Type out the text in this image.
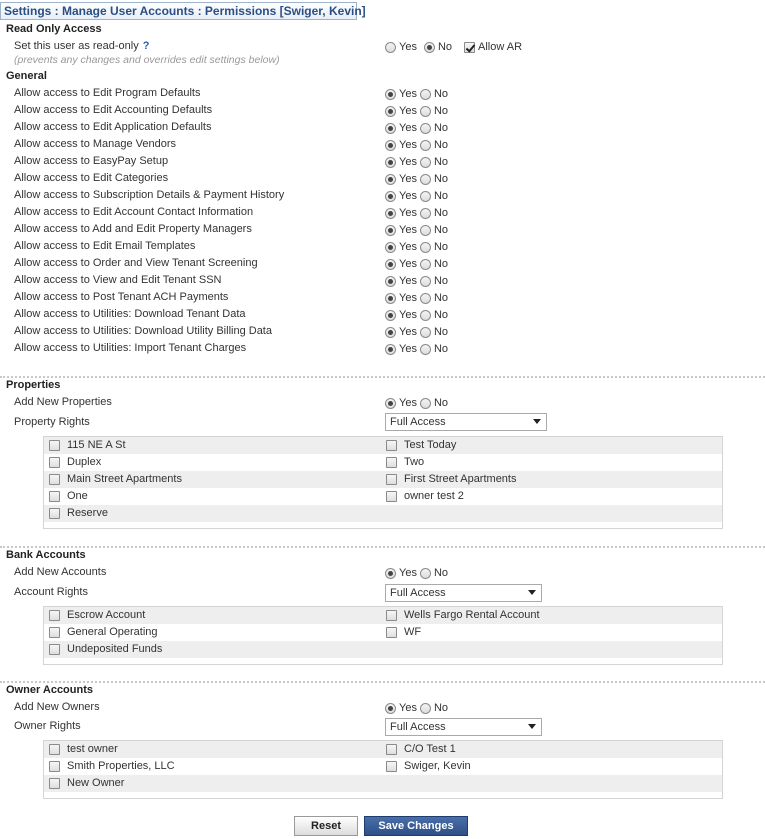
Settings : Manage User Accounts : Permissions [Swiger, Kevin]
Read Only Access
Set this user as read-only ?
(prevents any changes and overrides edit settings below)
Yes No Allow AR
General
Allow access to Edit Program Defaults	Yes No
Allow access to Edit Accounting Defaults	Yes No
Allow access to Edit Application Defaults	Yes No
Allow access to Manage Vendors	Yes No
Allow access to EasyPay Setup	Yes No
Allow access to Edit Categories	Yes No
Allow access to Subscription Details & Payment History	Yes No
Allow access to Edit Account Contact Information	Yes No
Allow access to Add and Edit Property Managers	Yes No
Allow access to Edit Email Templates	Yes No
Allow access to Order and View Tenant Screening	Yes No
Allow access to View and Edit Tenant SSN	Yes No
Allow access to Post Tenant ACH Payments	Yes No
Allow access to Utilities: Download Tenant Data	Yes No
Allow access to Utilities: Download Utility Billing Data	Yes No
Allow access to Utilities: Import Tenant Charges	Yes No
Properties
Add New Properties	Yes No
Property Rights	Full Access
115 NE A St	Test Today
Duplex	Two
Main Street Apartments	First Street Apartments
One	owner test 2
Reserve
Bank Accounts
Add New Accounts	Yes No
Account Rights	Full Access
Escrow Account	Wells Fargo Rental Account
General Operating	WF
Undeposited Funds
Owner Accounts
Add New Owners	Yes No
Owner Rights	Full Access
test owner	C/O Test 1
Smith Properties, LLC	Swiger, Kevin
New Owner
Reset	Save Changes
